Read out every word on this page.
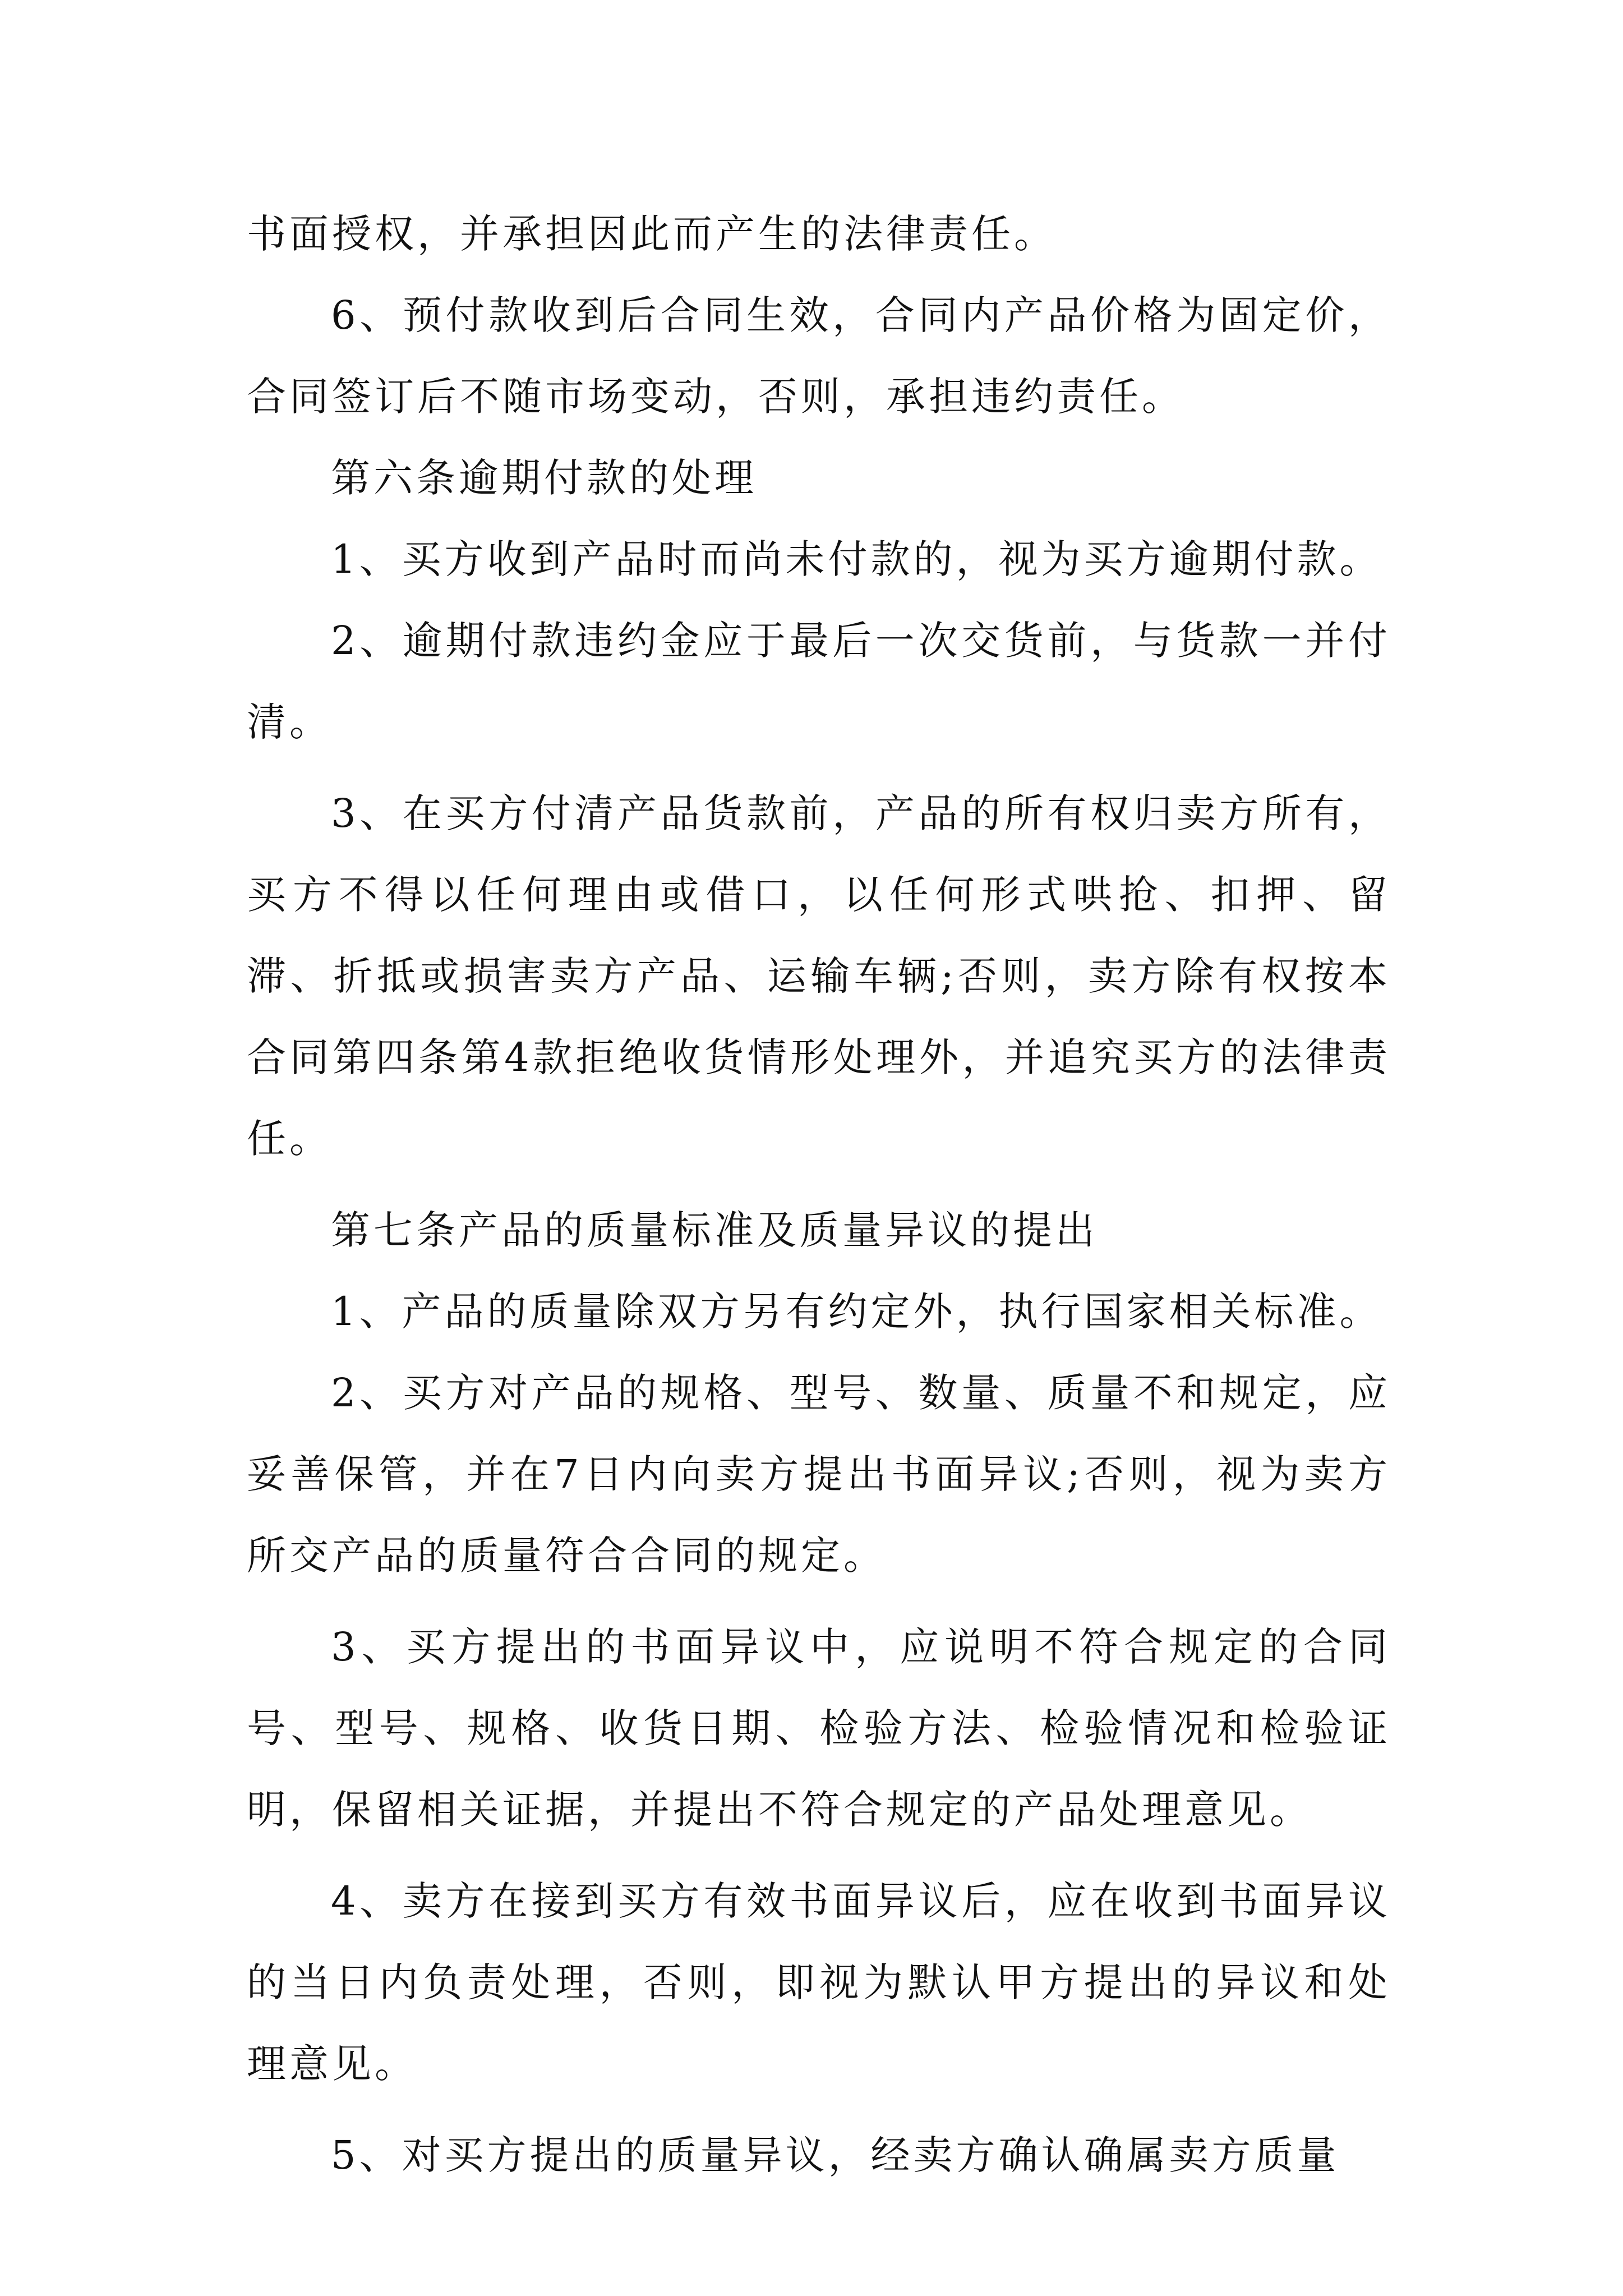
书面授权，并承担因此而产生的法律责任。

6、预付款收到后合同生效，合同内产品价格为固定价，合同签订后不随市场变动，否则，承担违约责任。

第六条逾期付款的处理

1、买方收到产品时而尚未付款的，视为买方逾期付款。

2、逾期付款违约金应于最后一次交货前，与货款一并付清。

3、在买方付清产品货款前，产品的所有权归卖方所有，买方不得以任何理由或借口，以任何形式哄抢、扣押、留滞、折抵或损害卖方产品、运输车辆;否则，卖方除有权按本合同第四条第4款拒绝收货情形处理外，并追究买方的法律责任。

第七条产品的质量标准及质量异议的提出

1、产品的质量除双方另有约定外，执行国家相关标准。

2、买方对产品的规格、型号、数量、质量不和规定，应妥善保管，并在7日内向卖方提出书面异议;否则，视为卖方所交产品的质量符合合同的规定。

3、买方提出的书面异议中，应说明不符合规定的合同号、型号、规格、收货日期、检验方法、检验情况和检验证明，保留相关证据，并提出不符合规定的产品处理意见。

4、卖方在接到买方有效书面异议后，应在收到书面异议的当日内负责处理，否则，即视为默认甲方提出的异议和处理意见。

5、对买方提出的质量异议，经卖方确认确属卖方质量
